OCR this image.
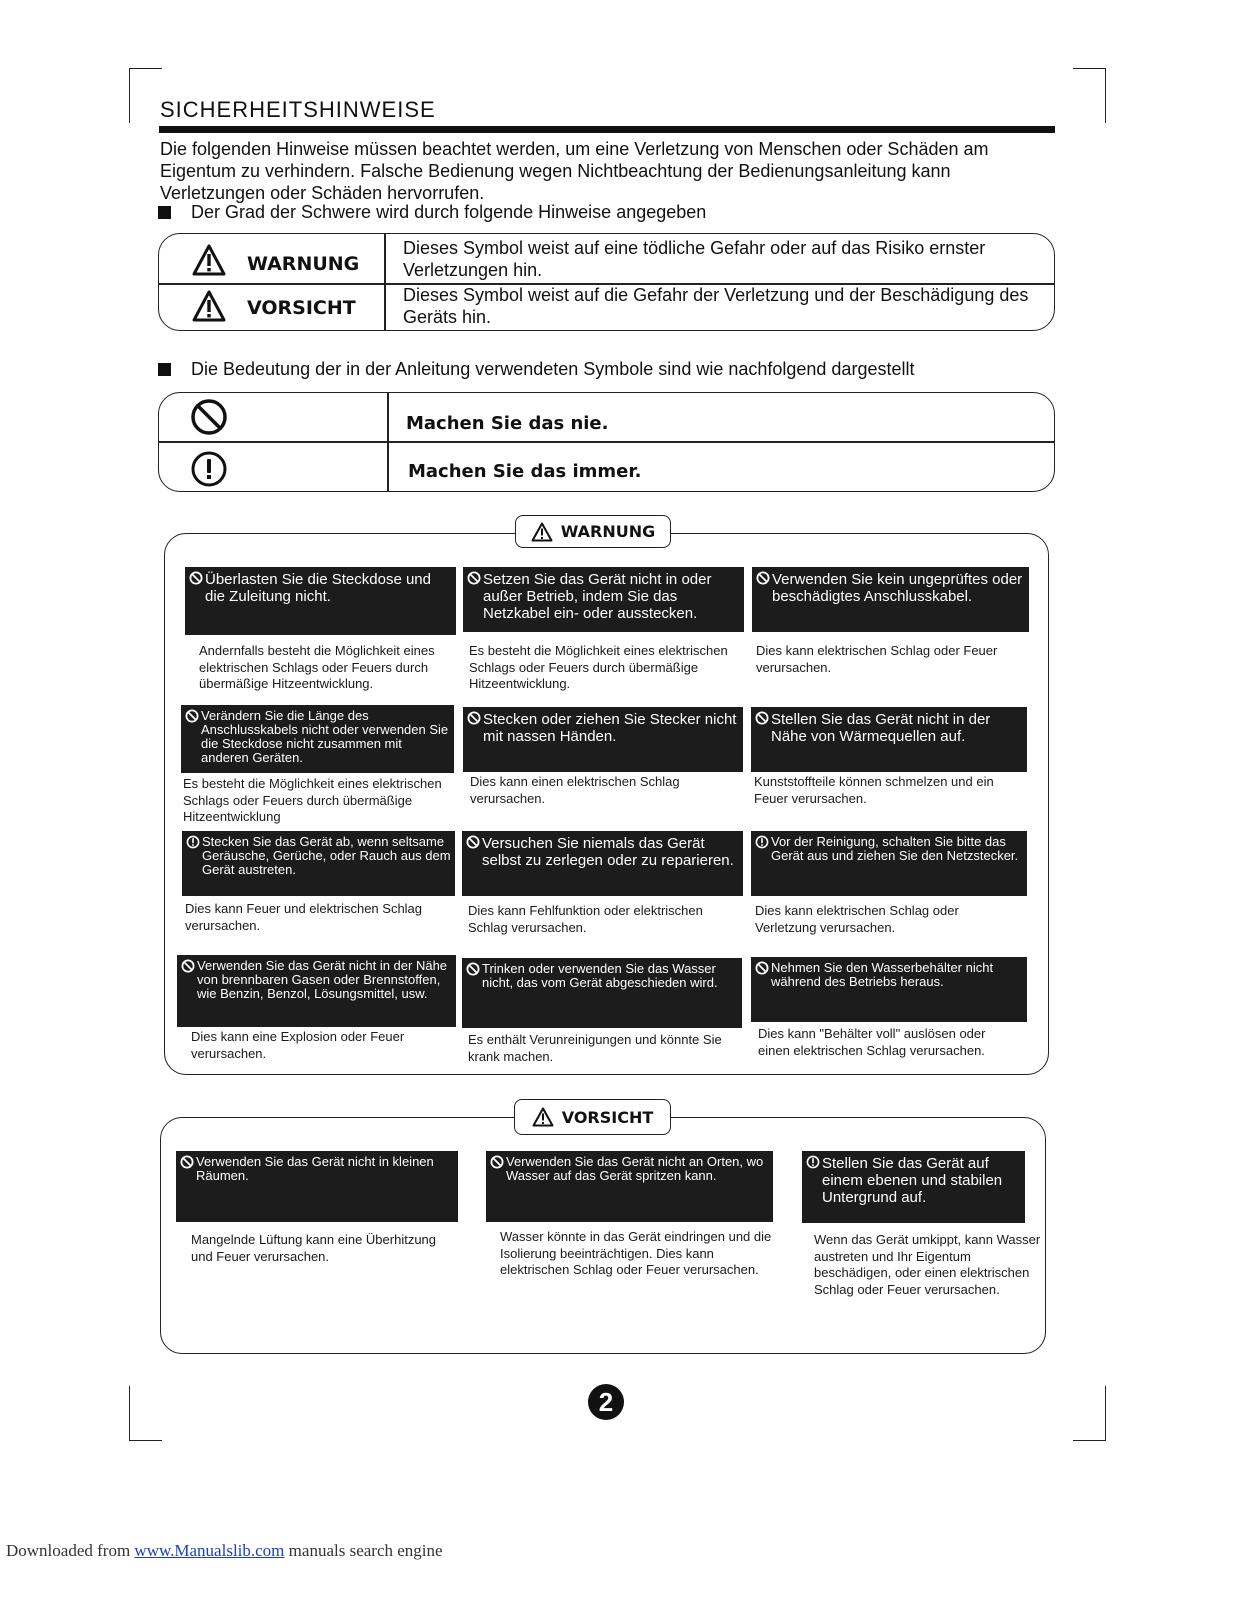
SICHERHEITSHINWEISE
Die folgenden Hinweise müssen beachtet werden, um eine Verletzung von Menschen oder Schäden am Eigentum zu verhindern. Falsche Bedienung wegen Nichtbeachtung der Bedienungsanleitung kann Verletzungen oder Schäden hervorrufen.
Der Grad der Schwere wird durch folgende Hinweise angegeben
WARNUNG
Dieses Symbol weist auf eine tödliche Gefahr oder auf das Risiko ernster Verletzungen hin.
VORSICHT
Dieses Symbol weist auf die Gefahr der Verletzung und der Beschädigung des Geräts hin.
Die Bedeutung der in der Anleitung verwendeten Symbole sind wie nachfolgend dargestellt
Machen Sie das nie.
Machen Sie das immer.
WARNUNG
Überlasten Sie die Steckdose und die Zuleitung nicht.
Andernfalls besteht die Möglichkeit eines elektrischen Schlags oder Feuers durch übermäßige Hitzeentwicklung.
Setzen Sie das Gerät nicht in oder außer Betrieb, indem Sie das Netzkabel ein- oder ausstecken.
Es besteht die Möglichkeit eines elektrischen Schlags oder Feuers durch übermäßige Hitzeentwicklung.
Verwenden Sie kein ungeprüftes oder beschädigtes Anschlusskabel.
Dies kann elektrischen Schlag oder Feuer verursachen.
Verändern Sie die Länge des Anschlusskabels nicht oder verwenden Sie die Steckdose nicht zusammen mit anderen Geräten.
Es besteht die Möglichkeit eines elektrischen Schlags oder Feuers durch übermäßige Hitzeentwicklung
Stecken oder ziehen Sie Stecker nicht mit nassen Händen.
Dies kann einen elektrischen Schlag verursachen.
Stellen Sie das Gerät nicht in der Nähe von Wärmequellen auf.
Kunststoffteile können schmelzen und ein Feuer verursachen.
Stecken Sie das Gerät ab, wenn seltsame Geräusche, Gerüche, oder Rauch aus dem Gerät austreten.
Dies kann Feuer und elektrischen Schlag verursachen.
Versuchen Sie niemals das Gerät selbst zu zerlegen oder zu reparieren.
Dies kann Fehlfunktion oder elektrischen Schlag verursachen.
Vor der Reinigung, schalten Sie bitte das Gerät aus und ziehen Sie den Netzstecker.
Dies kann elektrischen Schlag oder Verletzung verursachen.
Verwenden Sie das Gerät nicht in der Nähe von brennbaren Gasen oder Brennstoffen, wie Benzin, Benzol, Lösungsmittel, usw.
Dies kann eine Explosion oder Feuer verursachen.
Trinken oder verwenden Sie das Wasser nicht, das vom Gerät abgeschieden wird.
Es enthält Verunreinigungen und könnte Sie krank machen.
Nehmen Sie den Wasserbehälter nicht während des Betriebs heraus.
Dies kann "Behälter voll" auslösen oder einen elektrischen Schlag verursachen.
VORSICHT
Verwenden Sie das Gerät nicht in kleinen Räumen.
Mangelnde Lüftung kann eine Überhitzung und Feuer verursachen.
Verwenden Sie das Gerät nicht an Orten, wo Wasser auf das Gerät spritzen kann.
Wasser könnte in das Gerät eindringen und die Isolierung beeinträchtigen. Dies kann elektrischen Schlag oder Feuer verursachen.
Stellen Sie das Gerät auf einem ebenen und stabilen Untergrund auf.
Wenn das Gerät umkippt, kann Wasser austreten und Ihr Eigentum beschädigen, oder einen elektrischen Schlag oder Feuer verursachen.
2
Downloaded from www.Manualslib.com manuals search engine
